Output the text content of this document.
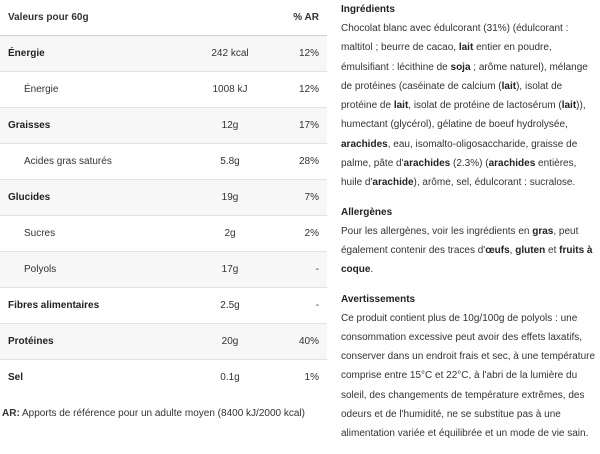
Valeurs pour 60g		% AR
Énergie	242 kcal	12%
Énergie	1008 kJ	12%
Graisses	12g	17%
Acides gras saturés	5.8g	28%
Glucides	19g	7%
Sucres	2g	2%
Polyols	17g	-
Fibres alimentaires	2.5g	-
Protéines	20g	40%
Sel	0.1g	1%
AR: Apports de référence pour un adulte moyen (8400 kJ/2000 kcal)
Ingrédients

Chocolat blanc avec édulcorant (31%) (édulcorant : maltitol ; beurre de cacao, lait entier en poudre, émulsifiant : lécithine de soja ; arôme naturel), mélange de protéines (caséinate de calcium (lait), isolat de protéine de lait, isolat de protéine de lactosérum (lait)), humectant (glycérol), gélatine de boeuf hydrolysée, arachides, eau, isomalto-oligosaccharide, graisse de palme, pâte d'arachides (2.3%) (arachides entières, huile d'arachide), arôme, sel, édulcorant : sucralose.

Allergènes

Pour les allergènes, voir les ingrédients en gras, peut également contenir des traces d'œufs, gluten et fruits à coque.

Avertissements

Ce produit contient plus de 10g/100g de polyols : une consommation excessive peut avoir des effets laxatifs, conserver dans un endroit frais et sec, à une température comprise entre 15°C et 22°C, à l'abri de la lumière du soleil, des changements de température extrêmes, des odeurs et de l'humidité, ne se substitue pas à une alimentation variée et équilibrée et un mode de vie sain.
